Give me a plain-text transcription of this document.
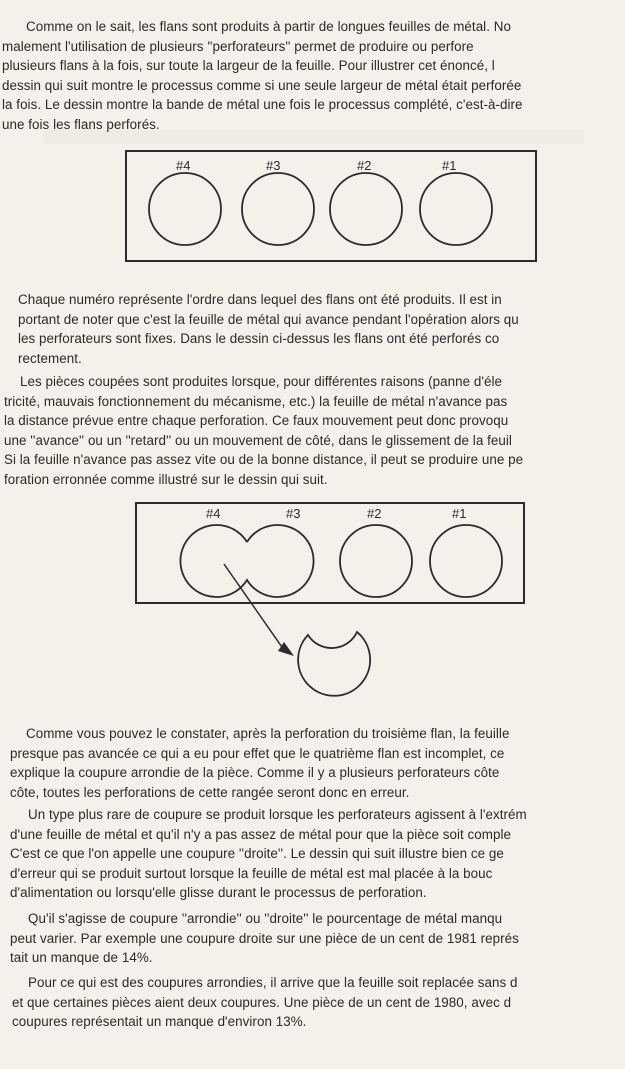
Comme on le sait, les flans sont produits à partir de longues feuilles de métal. No
malement l'utilisation de plusieurs ''perforateurs'' permet de produire ou perfore
plusieurs flans à la fois, sur toute la largeur de la feuille. Pour illustrer cet énoncé, l
dessin qui suit montre le processus comme si une seule largeur de métal était perforée
la fois. Le dessin montre la bande de métal une fois le processus complété, c'est-à-dire
une fois les flans perforés.

#4	#3	#2	#1

Chaque numéro représente l'ordre dans lequel des flans ont été produits. Il est in
portant de noter que c'est la feuille de métal qui avance pendant l'opération alors qu
les perforateurs sont fixes. Dans le dessin ci-dessus les flans ont été perforés co
rectement.

Les pièces coupées sont produites lorsque, pour différentes raisons (panne d'éle
tricité, mauvais fonctionnement du mécanisme, etc.) la feuille de métal n'avance pas
la distance prévue entre chaque perforation. Ce faux mouvement peut donc provoqu
une ''avance'' ou un ''retard'' ou un mouvement de côté, dans le glissement de la feuil
Si la feuille n'avance pas assez vite ou de la bonne distance, il peut se produire une pe
foration erronnée comme illustré sur le dessin qui suit.

#4	#3	#2	#1

Comme vous pouvez le constater, après la perforation du troisième flan, la feuille
presque pas avancée ce qui a eu pour effet que le quatrième flan est incomplet, ce
explique la coupure arrondie de la pièce. Comme il y a plusieurs perforateurs côte
côte, toutes les perforations de cette rangée seront donc en erreur.

Un type plus rare de coupure se produit lorsque les perforateurs agissent à l'extrém
d'une feuille de métal et qu'il n'y a pas assez de métal pour que la pièce soit comple
C'est ce que l'on appelle une coupure ''droite''. Le dessin qui suit illustre bien ce ge
d'erreur qui se produit surtout lorsque la feuille de métal est mal placée à la bouc
d'alimentation ou lorsqu'elle glisse durant le processus de perforation.

Qu'il s'agisse de coupure ''arrondie'' ou ''droite'' le pourcentage de métal manqu
peut varier. Par exemple une coupure droite sur une pièce de un cent de 1981 représ
tait un manque de 14%.

Pour ce qui est des coupures arrondies, il arrive que la feuille soit replacée sans d
et que certaines pièces aient deux coupures. Une pièce de un cent de 1980, avec d
coupures représentait un manque d'environ 13%.
